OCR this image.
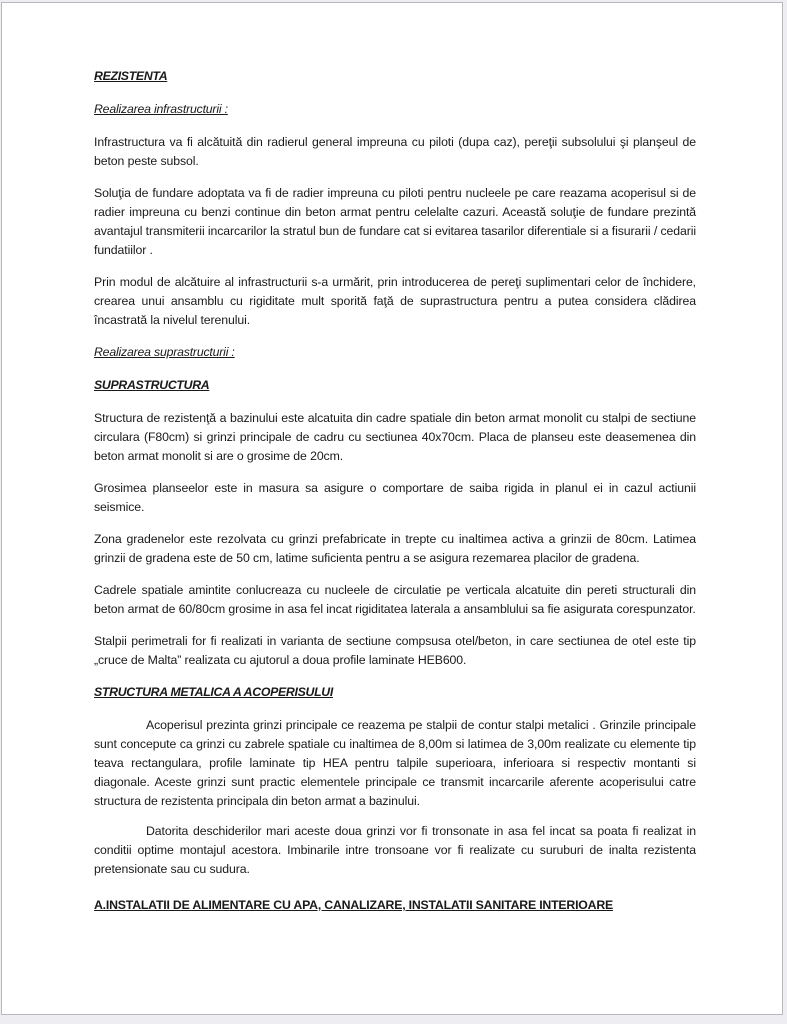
REZISTENTA
Realizarea infrastructurii :

Infrastructura va fi alcătuită din radierul general impreuna cu piloti (dupa caz), pereţii subsolului şi planşeul de beton peste subsol.

Soluţia de fundare adoptata va fi de radier impreuna cu piloti pentru nucleele pe care reazama acoperisul si de radier impreuna cu benzi continue din beton armat pentru celelalte cazuri. Această soluţie de fundare prezintă avantajul transmiterii incarcarilor la stratul bun de fundare cat si evitarea tasarilor diferentiale si a fisurarii / cedarii fundatiilor .

Prin modul de alcătuire al infrastructurii s-a urmărit, prin introducerea de pereţi suplimentari celor de închidere, crearea unui ansamblu cu rigiditate mult sporită faţă de suprastructura pentru a putea considera clădirea încastrată la nivelul terenului.

Realizarea suprastructurii :
SUPRASTRUCTURA

Structura de rezistenţă a bazinului este alcatuita din cadre spatiale din beton armat monolit cu stalpi de sectiune circulara (F80cm) si grinzi principale de cadru cu sectiunea 40x70cm. Placa de planseu este deasemenea din beton armat monolit si are o grosime de 20cm.

Grosimea planseelor este in masura sa asigure o comportare de saiba rigida in planul ei in cazul actiunii seismice.

Zona gradenelor este rezolvata cu grinzi prefabricate in trepte cu inaltimea activa a grinzii de 80cm. Latimea grinzii de gradena este de 50 cm, latime suficienta pentru a se asigura rezemarea placilor de gradena.

Cadrele spatiale amintite conlucreaza cu nucleele de circulatie pe verticala alcatuite din pereti structurali din beton armat de 60/80cm grosime in asa fel incat rigiditatea laterala a ansamblului sa fie asigurata corespunzator.

Stalpii perimetrali for fi realizati in varianta de sectiune compsusa otel/beton, in care sectiunea de otel este tip „cruce de Malta” realizata cu ajutorul a doua profile laminate HEB600.

STRUCTURA METALICA A ACOPERISULUI

Acoperisul prezinta grinzi principale ce reazema pe stalpii de contur stalpi metalici . Grinzile principale sunt concepute ca grinzi cu zabrele spatiale cu inaltimea de 8,00m si latimea de 3,00m realizate cu elemente tip teava rectangulara, profile laminate tip HEA pentru talpile superioara, inferioara si respectiv montanti si diagonale. Aceste grinzi sunt practic elementele principale ce transmit incarcarile aferente acoperisului catre structura de rezistenta principala din beton armat a bazinului.

Datorita deschiderilor mari aceste doua grinzi vor fi tronsonate in asa fel incat sa poata fi realizat in conditii optime montajul acestora. Imbinarile intre tronsoane vor fi realizate cu suruburi de inalta rezistenta pretensionate sau cu sudura.

A.INSTALATII DE ALIMENTARE CU APA, CANALIZARE, INSTALATII SANITARE INTERIOARE
